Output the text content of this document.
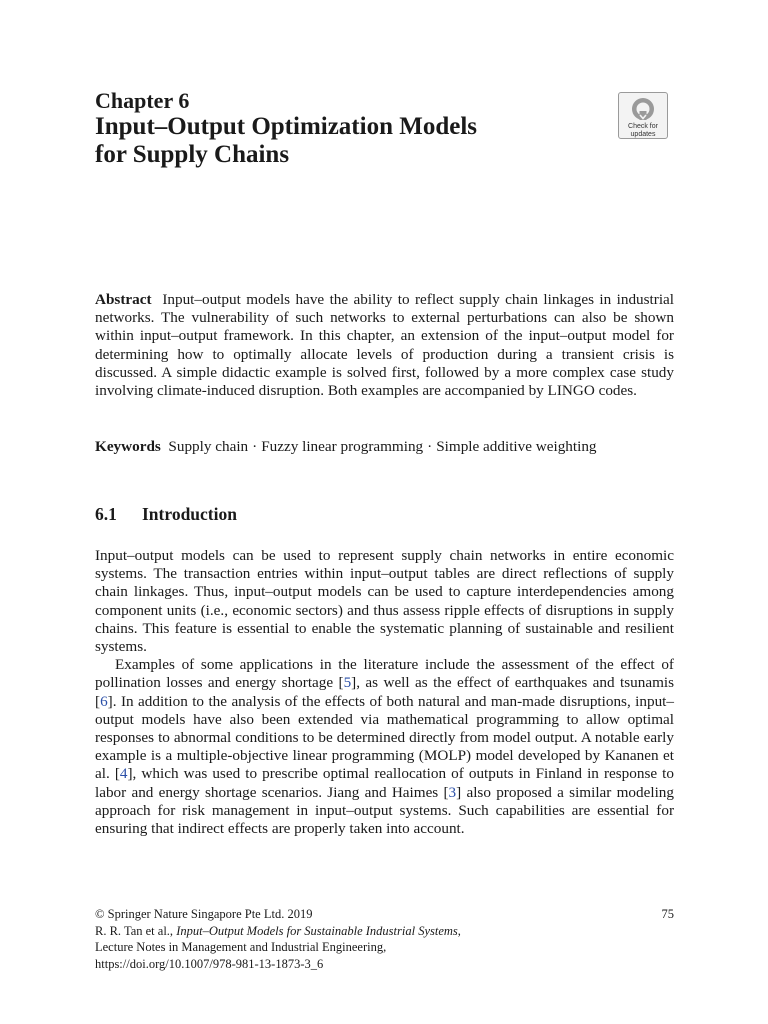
Chapter 6
Input–Output Optimization Models
for Supply Chains
Check for
updates
Abstract Input–output models have the ability to reflect supply chain linkages in industrial networks. The vulnerability of such networks to external perturbations can also be shown within input–output framework. In this chapter, an extension of the input–output model for determining how to optimally allocate levels of production during a transient crisis is discussed. A simple didactic example is solved first, followed by a more complex case study involving climate-induced disruption. Both examples are accompanied by LINGO codes.
Keywords Supply chain · Fuzzy linear programming · Simple additive weighting
6.1 Introduction

Input–output models can be used to represent supply chain networks in entire economic systems. The transaction entries within input–output tables are direct reflections of supply chain linkages. Thus, input–output models can be used to capture interdependencies among component units (i.e., economic sectors) and thus assess ripple effects of disruptions in supply chains. This feature is essential to enable the systematic planning of sustainable and resilient systems.

Examples of some applications in the literature include the assessment of the effect of pollination losses and energy shortage [5], as well as the effect of earthquakes and tsunamis [6]. In addition to the analysis of the effects of both natural and man-made disruptions, input–output models have also been extended via mathematical programming to allow optimal responses to abnormal conditions to be determined directly from model output. A notable early example is a multiple-objective linear programming (MOLP) model developed by Kananen et al. [4], which was used to prescribe optimal reallocation of outputs in Finland in response to labor and energy shortage scenarios. Jiang and Haimes [3] also proposed a similar modeling approach for risk management in input–output systems. Such capabilities are essential for ensuring that indirect effects are properly taken into account.

© Springer Nature Singapore Pte Ltd. 2019	75
R. R. Tan et al., Input–Output Models for Sustainable Industrial Systems,
Lecture Notes in Management and Industrial Engineering,
https://doi.org/10.1007/978-981-13-1873-3_6
